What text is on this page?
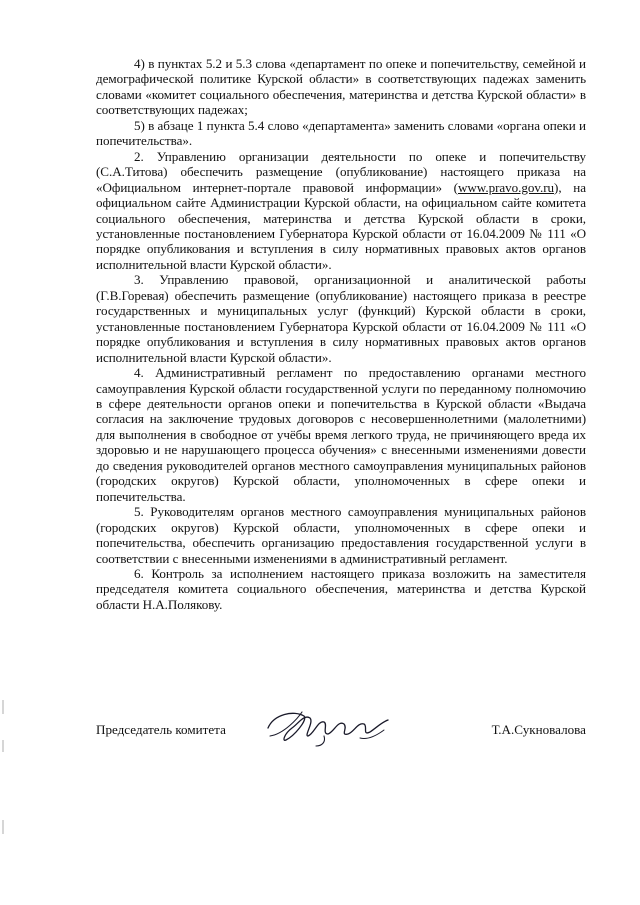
4) в пунктах 5.2 и 5.3 слова «департамент по опеке и попечительству, семейной и демографической политике Курской области» в соответствующих падежах заменить словами «комитет социального обеспечения, материнства и детства Курской области» в соответствующих падежах;

5) в абзаце 1 пункта 5.4 слово «департамента» заменить словами «органа опеки и попечительства».

2. Управлению организации деятельности по опеке и попечительству (С.А.Титова) обеспечить размещение (опубликование) настоящего приказа на «Официальном интернет-портале правовой информации» (www.pravo.gov.ru), на официальном сайте Администрации Курской области, на официальном сайте комитета социального обеспечения, материнства и детства Курской области в сроки, установленные постановлением Губернатора Курской области от 16.04.2009 № 111 «О порядке опубликования и вступления в силу нормативных правовых актов органов исполнительной власти Курской области».

3. Управлению правовой, организационной и аналитической работы (Г.В.Горевая) обеспечить размещение (опубликование) настоящего приказа в реестре государственных и муниципальных услуг (функций) Курской области в сроки, установленные постановлением Губернатора Курской области от 16.04.2009 № 111 «О порядке опубликования и вступления в силу нормативных правовых актов органов исполнительной власти Курской области».

4. Административный регламент по предоставлению органами местного самоуправления Курской области государственной услуги по переданному полномочию в сфере деятельности органов опеки и попечительства в Курской области «Выдача согласия на заключение трудовых договоров с несовершеннолетними (малолетними) для выполнения в свободное от учёбы время легкого труда, не причиняющего вреда их здоровью и не нарушающего процесса обучения» с внесенными изменениями довести до сведения руководителей органов местного самоуправления муниципальных районов (городских округов) Курской области, уполномоченных в сфере опеки и попечительства.

5. Руководителям органов местного самоуправления муниципальных районов (городских округов) Курской области, уполномоченных в сфере опеки и попечительства, обеспечить организацию предоставления государственной услуги в соответствии с внесенными изменениями в административный регламент.

6. Контроль за исполнением настоящего приказа возложить на заместителя председателя комитета социального обеспечения, материнства и детства Курской области Н.А.Полякову.

Председатель комитета	Т.А.Сукновалова
